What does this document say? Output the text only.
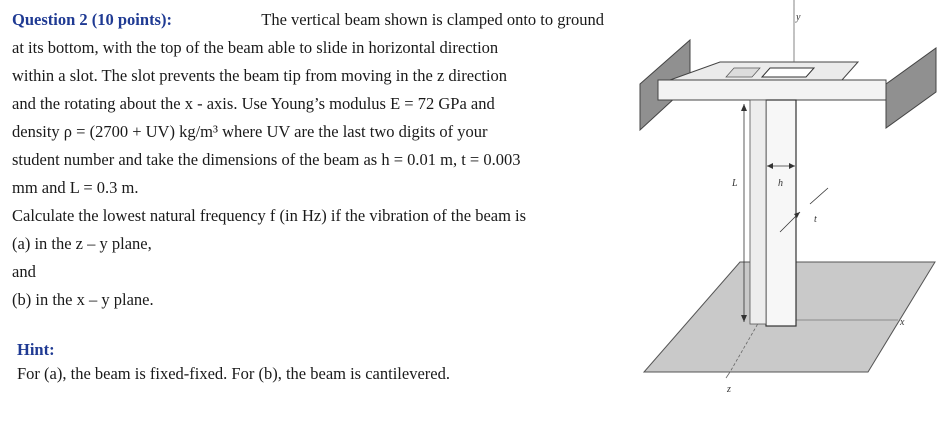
Question 2 (10 points):	The vertical beam shown is clamped onto to ground
at its bottom, with the top of the beam able to slide in horizontal direction
within a slot. The slot prevents the beam tip from moving in the z direction
and the rotating about the x - axis. Use Young’s modulus E = 72 GPa and
density ρ = (2700 + UV) kg/m³ where UV are the last two digits of your
student number and take the dimensions of the beam as h = 0.01 m, t = 0.003
mm and L = 0.3 m.
Calculate the lowest natural frequency f (in Hz) if the vibration of the beam is
(a) in the z – y plane,
and
(b) in the x – y plane.
Hint:
For (a), the beam is fixed-fixed. For (b), the beam is cantilevered.
y
x
z
L	h
t
